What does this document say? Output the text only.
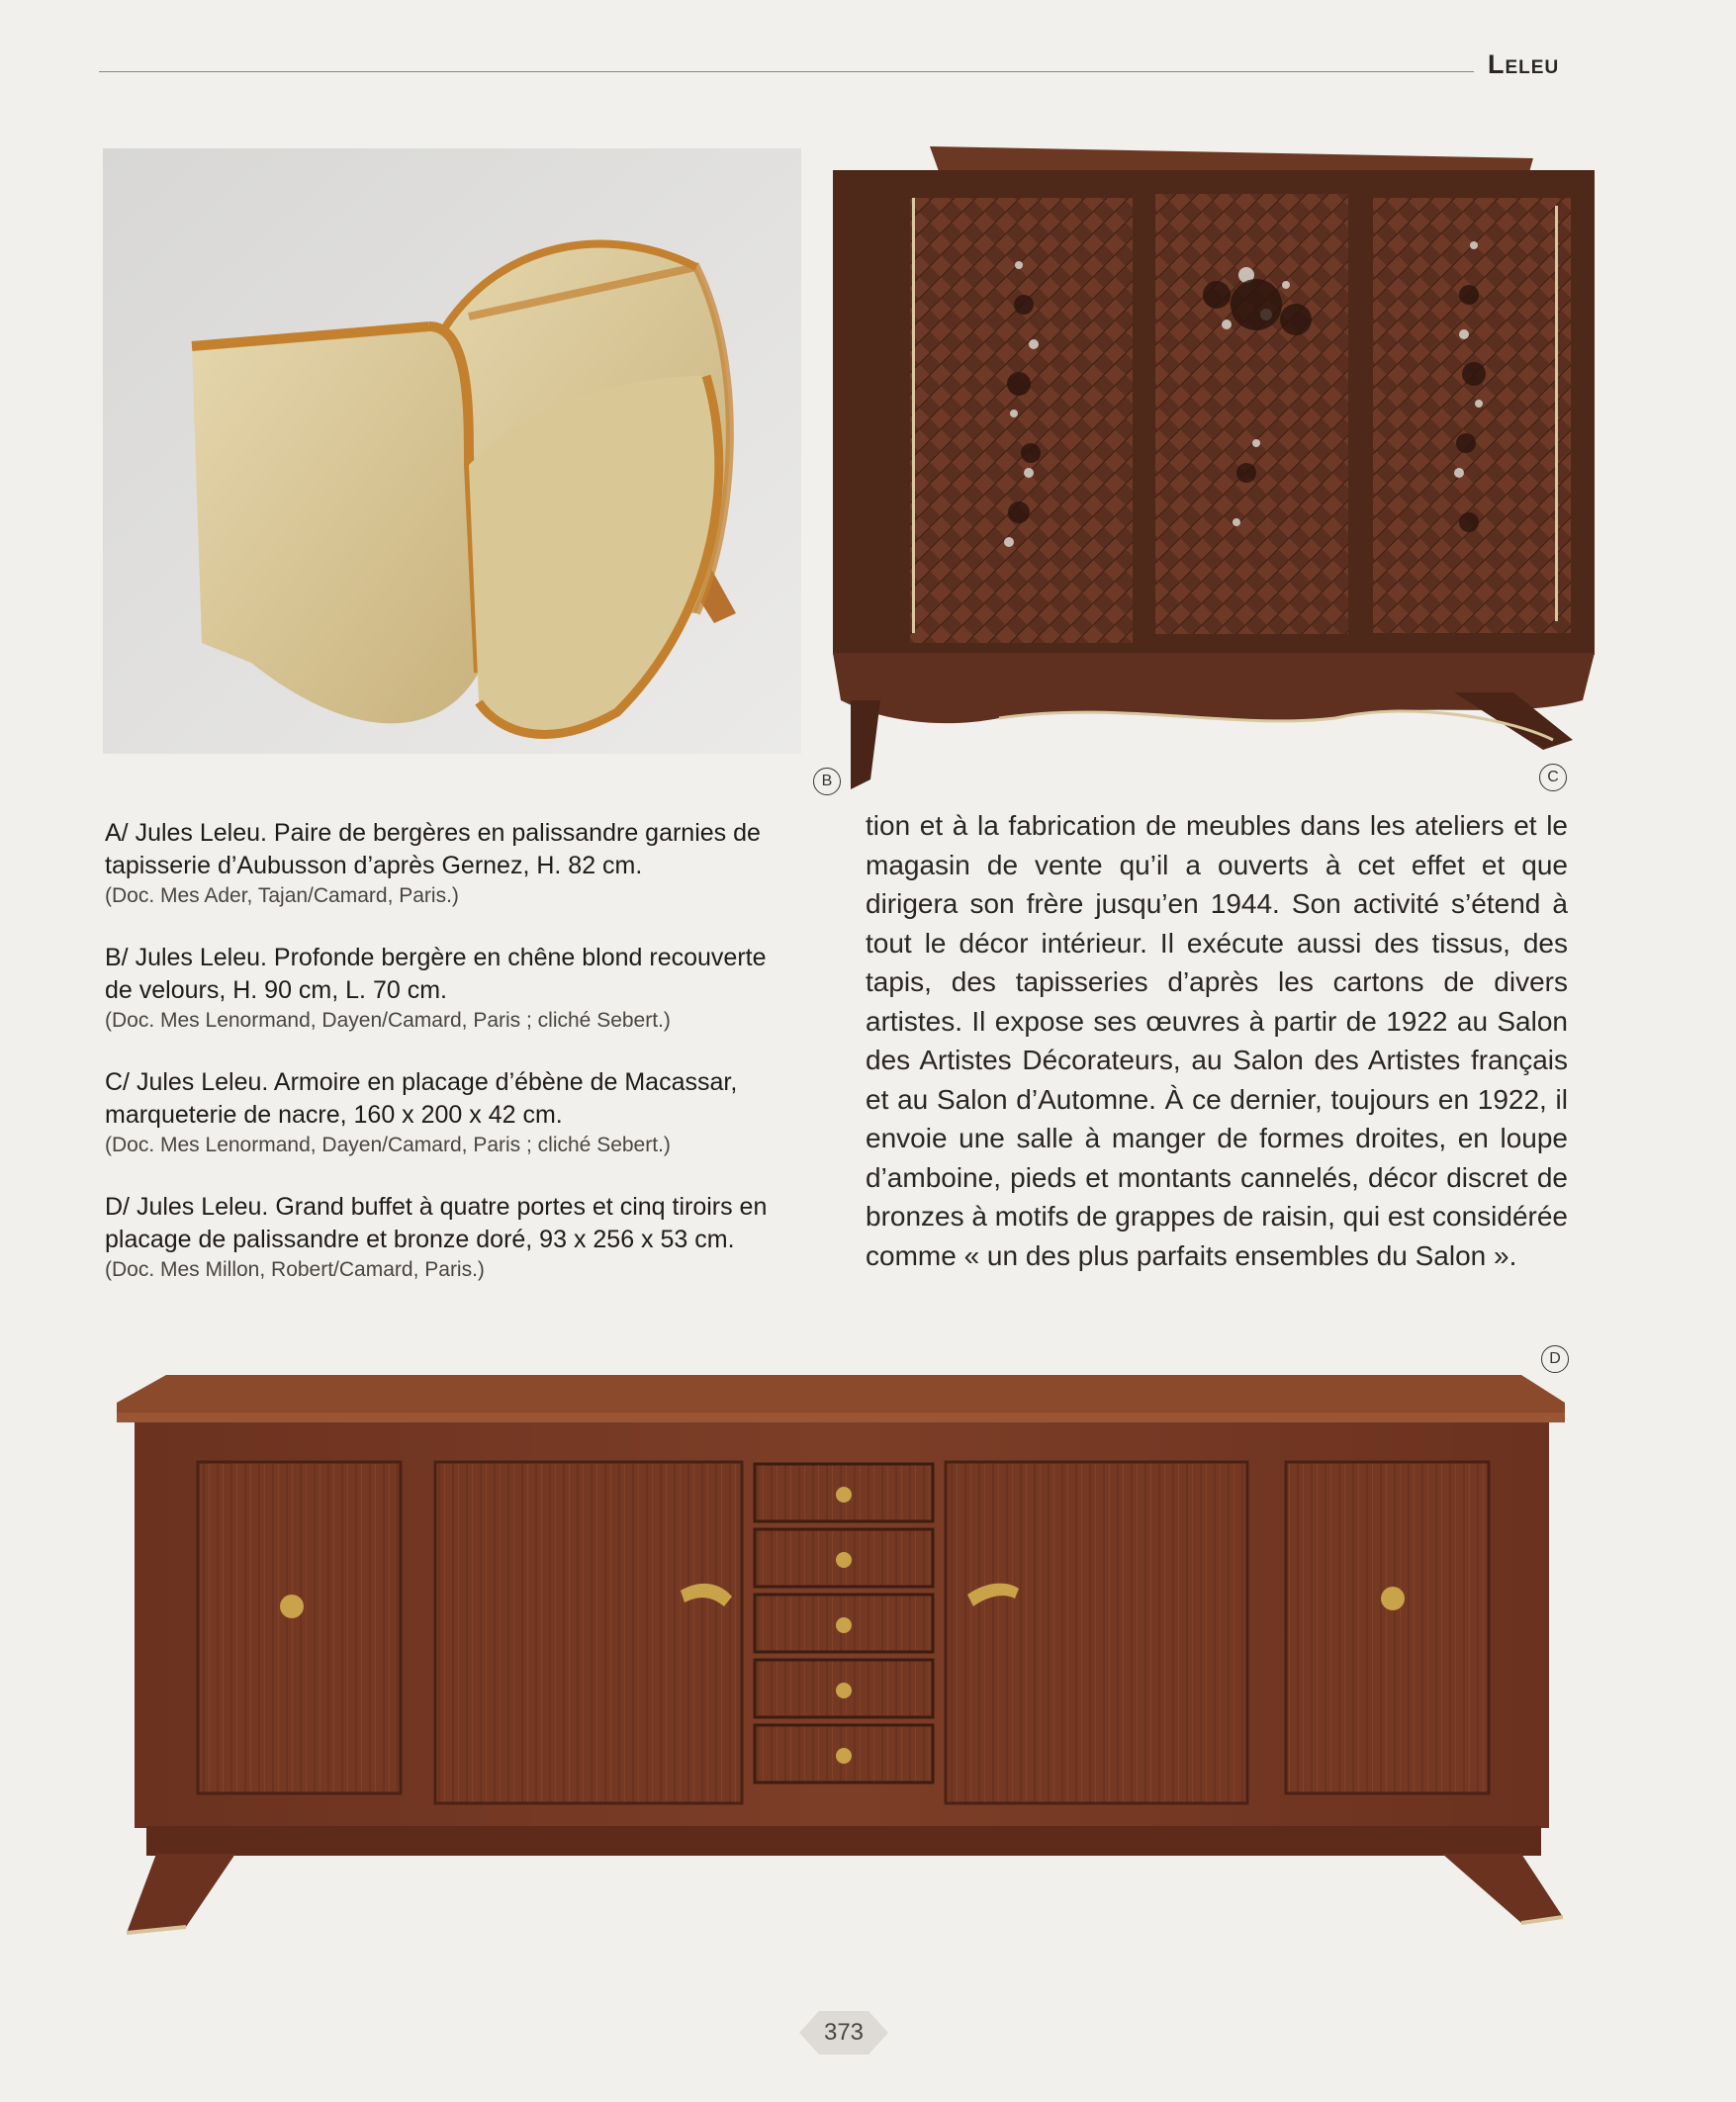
Leleu
B	C
A/ Jules Leleu. Paire de bergères en palissandre garnies de tapisserie d’Aubusson d’après Gernez, H. 82 cm.
(Doc. Mes Ader, Tajan/Camard, Paris.)
B/ Jules Leleu. Profonde bergère en chêne blond recouverte de velours, H. 90 cm, L. 70 cm.
(Doc. Mes Lenormand, Dayen/Camard, Paris ; cliché Sebert.)
C/ Jules Leleu. Armoire en placage d’ébène de Macassar, marqueterie de nacre, 160 x 200 x 42 cm.
(Doc. Mes Lenormand, Dayen/Camard, Paris ; cliché Sebert.)
D/ Jules Leleu. Grand buffet à quatre portes et cinq tiroirs en placage de palissandre et bronze doré, 93 x 256 x 53 cm.
(Doc. Mes Millon, Robert/Camard, Paris.)
tion et à la fabrication de meubles dans les ateliers et le magasin de vente qu’il a ouverts à cet effet et que dirigera son frère jusqu’en 1944. Son activité s’étend à tout le décor intérieur. Il exécute aussi des tissus, des tapis, des tapisseries d’après les cartons de divers artistes. Il expose ses œuvres à partir de 1922 au Salon des Artistes Décorateurs, au Salon des Artistes français et au Salon d’Automne. À ce dernier, toujours en 1922, il envoie une salle à manger de formes droites, en loupe d’amboine, pieds et montants cannelés, décor discret de bronzes à motifs de grappes de raisin, qui est considérée comme « un des plus parfaits ensembles du Salon ».
D
373
